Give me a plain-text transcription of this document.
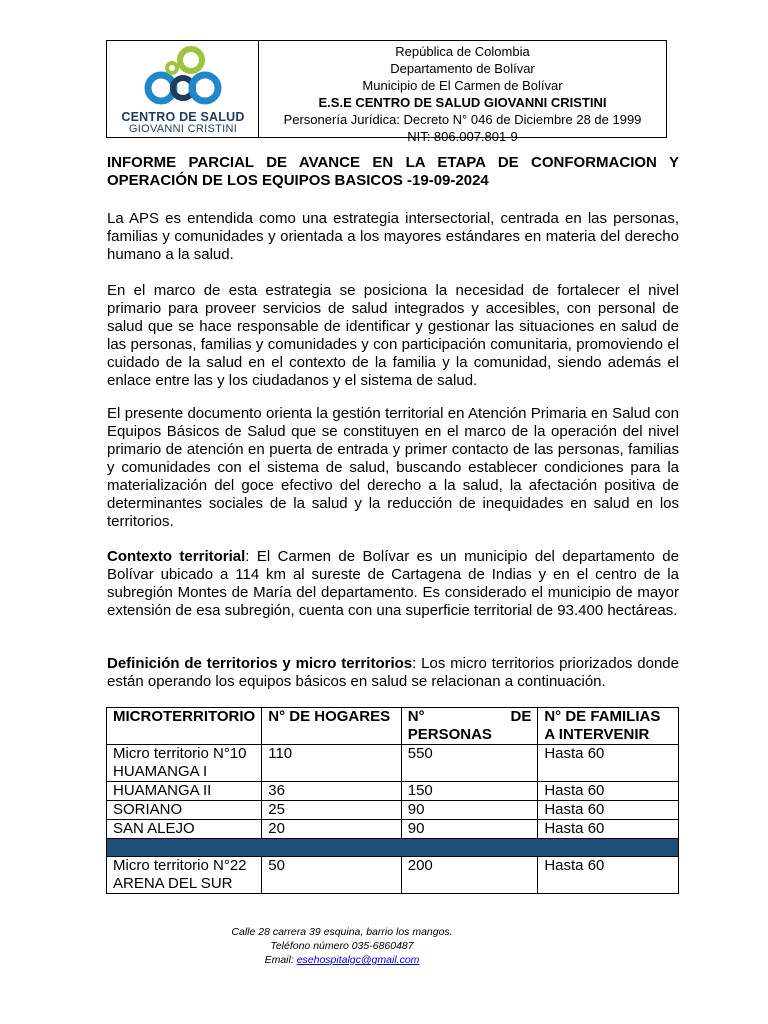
CENTRO DE SALUD
GIOVANNI CRISTINI
República de Colombia
Departamento de Bolívar
Municipio de El Carmen de Bolívar
E.S.E CENTRO DE SALUD GIOVANNI CRISTINI
Personería Jurídica: Decreto N° 046 de Diciembre 28 de 1999
NIT: 806.007.801-9
INFORME PARCIAL DE AVANCE EN LA ETAPA DE CONFORMACION Y OPERACIÓN DE LOS EQUIPOS BASICOS -19-09-2024

La APS es entendida como una estrategia intersectorial, centrada en las personas, familias y comunidades y orientada a los mayores estándares en materia del derecho humano a la salud.

En el marco de esta estrategia se posiciona la necesidad de fortalecer el nivel primario para proveer servicios de salud integrados y accesibles, con personal de salud que se hace responsable de identificar y gestionar las situaciones en salud de las personas, familias y comunidades y con participación comunitaria, promoviendo el cuidado de la salud en el contexto de la familia y la comunidad, siendo además el enlace entre las y los ciudadanos y el sistema de salud.

El presente documento orienta la gestión territorial en Atención Primaria en Salud con Equipos Básicos de Salud que se constituyen en el marco de la operación del nivel primario de atención en puerta de entrada y primer contacto de las personas, familias y comunidades con el sistema de salud, buscando establecer condiciones para la materialización del goce efectivo del derecho a la salud, la afectación positiva de determinantes sociales de la salud y la reducción de inequidades en salud en los territorios.

Contexto territorial: El Carmen de Bolívar es un municipio del departamento de Bolívar ubicado a 114 km al sureste de Cartagena de Indias y en el centro de la subregión Montes de María del departamento. Es considerado el municipio de mayor extensión de esa subregión, cuenta con una superficie territorial de 93.400 hectáreas.

Definición de territorios y micro territorios: Los micro territorios priorizados donde están operando los equipos básicos en salud se relacionan a continuación.

MICROTERRITORIO	N° DE HOGARES	N° DE PERSONAS	N° DE FAMILIAS A INTERVENIR
Micro territorio N°10 HUAMANGA I	110	550	Hasta 60
HUAMANGA II	36	150	Hasta 60
SORIANO	25	90	Hasta 60
SAN ALEJO	20	90	Hasta 60

Micro territorio N°22 ARENA DEL SUR	50	200	Hasta 60
Calle 28 carrera 39 esquina, barrio los mangos.
Teléfono número 035-6860487
Email: esehospitalgc@gmail.com
